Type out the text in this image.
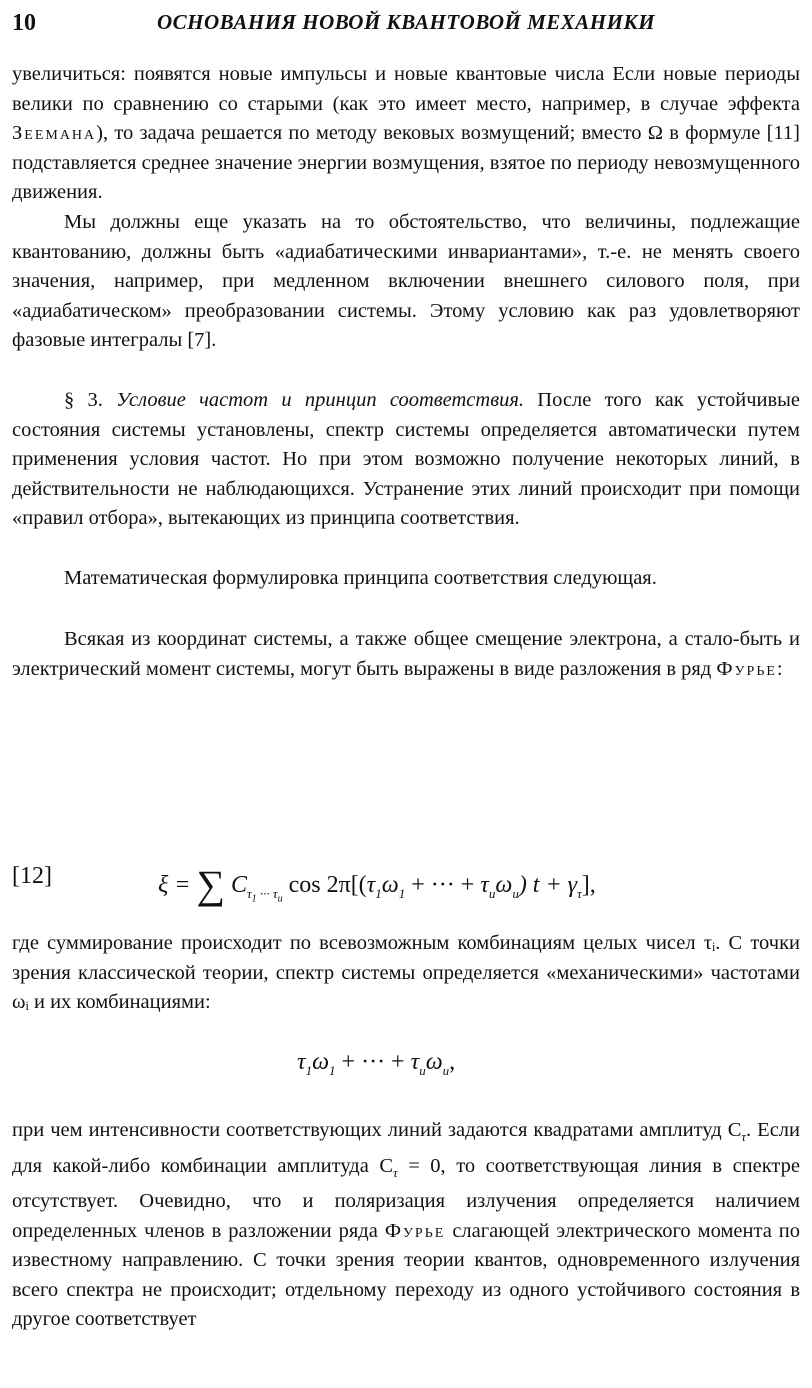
10	ОСНОВАНИЯ НОВОЙ КВАНТОВОЙ МЕХАНИКИ

увеличиться: появятся новые импульсы и новые квантовые числа Если новые периоды велики по сравнению со старыми (как это имеет место, например, в случае эффекта Зеемана), то задача решается по методу вековых возмущений; вместо Ω в формуле [11] подставляется среднее значение энергии возмущения, взятое по периоду невозмущенного движения.

Мы должны еще указать на то обстоятельство, что величины, подлежащие квантованию, должны быть «адиабатическими инвариантами», т.-е. не менять своего значения, например, при медленном включении внешнего силового поля, при «адиабатическом» преобразовании системы. Этому условию как раз удовлетворяют фазовые интегралы [7].

§ 3. Условие частот и принцип соответствия. После того как устойчивые состояния системы установлены, спектр системы определяется автоматически путем применения условия частот. Но при этом возможно получение некоторых линий, в действительности не наблюдающихся. Устранение этих линий происходит при помощи «правил отбора», вытекающих из принципа соответствия.

Математическая формулировка принципа соответствия следующая.

Всякая из координат системы, а также общее смещение электрона, а стало-быть и электрический момент системы, могут быть выражены в виде разложения в ряд Фурье:

[12]	ξ = ∑ $C_{\tau_1 \cdot\cdot\cdot \tau_u}$ $\cos 2\pi[(\tau_1\omega_1$ + ··· + $\tau_u\omega_u$) $t + \gamma_\tau$],

где суммирование происходит по всевозможным комбинациям целых чисел τᵢ. С точки зрения классической теории, спектр системы определяется «механическими» частотами ωᵢ и их комбинациями:

$\tau_1\omega_1$ + ··· + $\tau_u\omega_u$,

при чем интенсивности соответствующих линий задаются квадратами амплитуд $C_\tau$. Если для какой-либо комбинации амплитуда $C_\tau = 0$, то соответствующая линия в спектре отсутствует. Очевидно, что и поляризация излучения определяется наличием определенных членов в разложении ряда Фурье слагающей электрического момента по известному направлению. С точки зрения теории квантов, одновременного излучения всего спектра не происходит; отдельному переходу из одного устойчивого состояния в другое соответствует
